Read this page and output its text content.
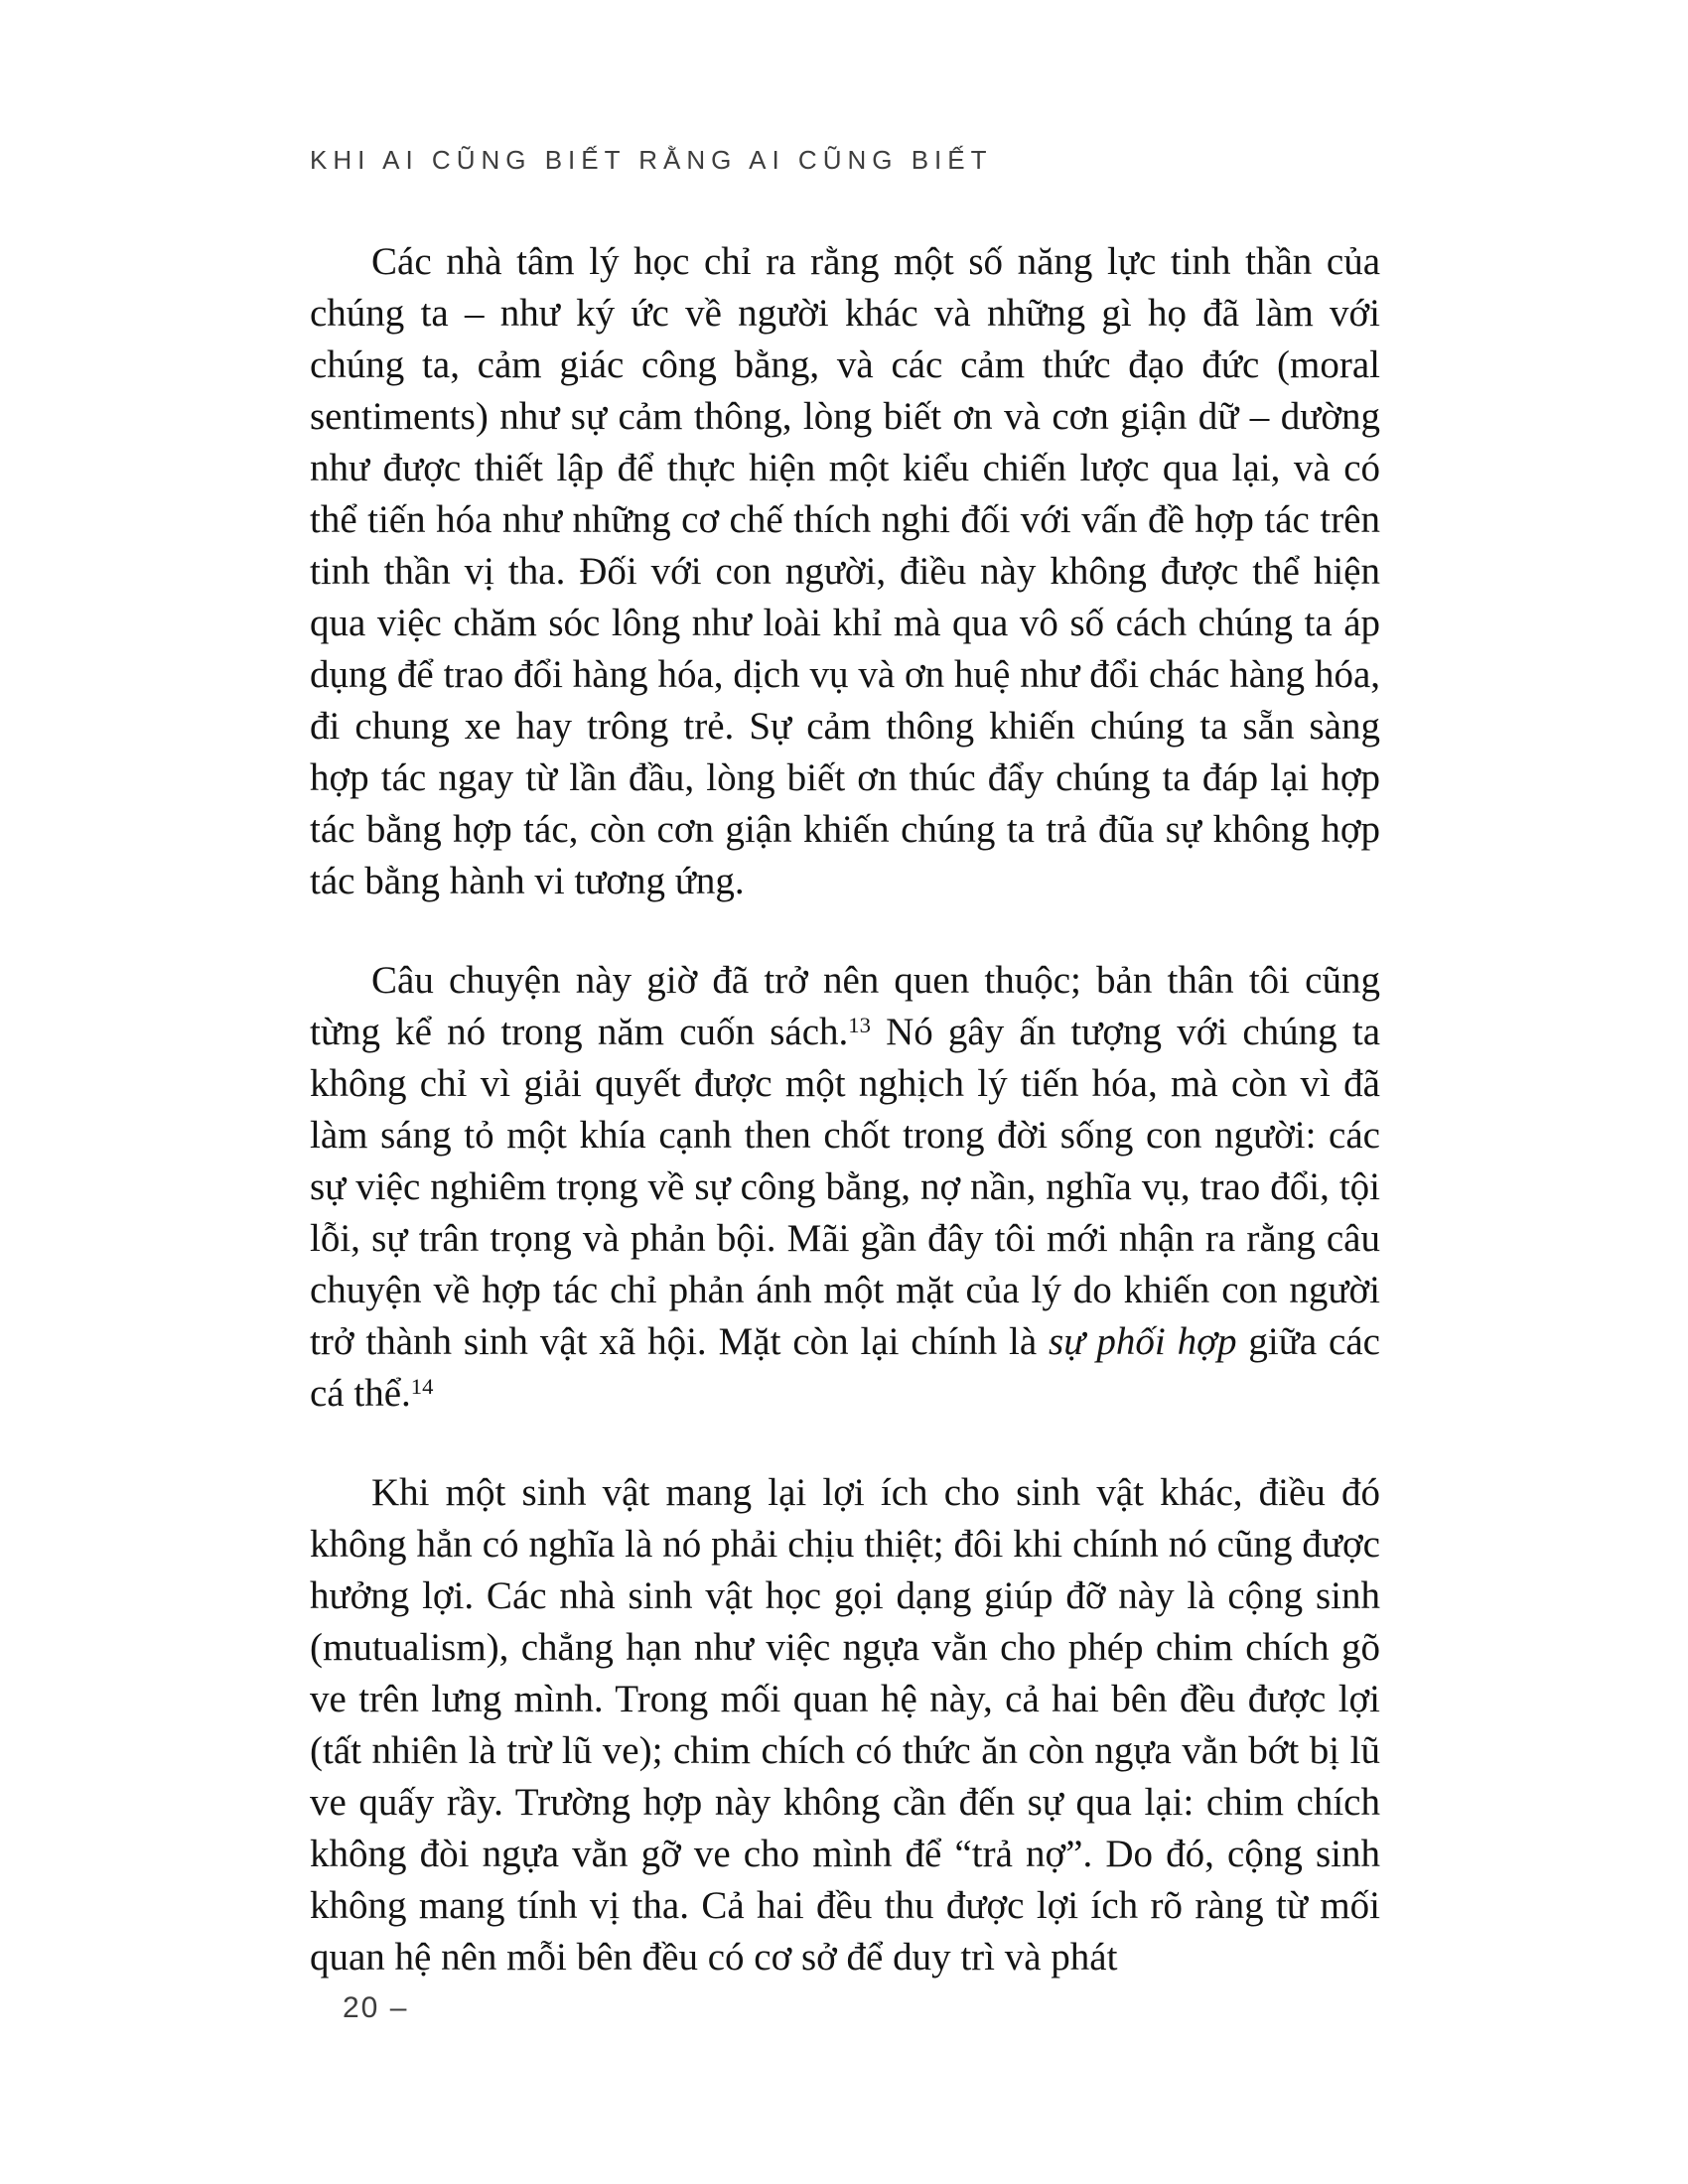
KHI AI CŨNG BIẾT RẰNG AI CŨNG BIẾT

Các nhà tâm lý học chỉ ra rằng một số năng lực tinh thần của chúng ta – như ký ức về người khác và những gì họ đã làm với chúng ta, cảm giác công bằng, và các cảm thức đạo đức (moral sentiments) như sự cảm thông, lòng biết ơn và cơn giận dữ – dường như được thiết lập để thực hiện một kiểu chiến lược qua lại, và có thể tiến hóa như những cơ chế thích nghi đối với vấn đề hợp tác trên tinh thần vị tha. Đối với con người, điều này không được thể hiện qua việc chăm sóc lông như loài khỉ mà qua vô số cách chúng ta áp dụng để trao đổi hàng hóa, dịch vụ và ơn huệ như đổi chác hàng hóa, đi chung xe hay trông trẻ. Sự cảm thông khiến chúng ta sẵn sàng hợp tác ngay từ lần đầu, lòng biết ơn thúc đẩy chúng ta đáp lại hợp tác bằng hợp tác, còn cơn giận khiến chúng ta trả đũa sự không hợp tác bằng hành vi tương ứng.

Câu chuyện này giờ đã trở nên quen thuộc; bản thân tôi cũng từng kể nó trong năm cuốn sách.$^{13}$ Nó gây ấn tượng với chúng ta không chỉ vì giải quyết được một nghịch lý tiến hóa, mà còn vì đã làm sáng tỏ một khía cạnh then chốt trong đời sống con người: các sự việc nghiêm trọng về sự công bằng, nợ nần, nghĩa vụ, trao đổi, tội lỗi, sự trân trọng và phản bội. Mãi gần đây tôi mới nhận ra rằng câu chuyện về hợp tác chỉ phản ánh một mặt của lý do khiến con người trở thành sinh vật xã hội. Mặt còn lại chính là sự phối hợp giữa các cá thể.$^{14}$

Khi một sinh vật mang lại lợi ích cho sinh vật khác, điều đó không hẳn có nghĩa là nó phải chịu thiệt; đôi khi chính nó cũng được hưởng lợi. Các nhà sinh vật học gọi dạng giúp đỡ này là cộng sinh (mutualism), chẳng hạn như việc ngựa vằn cho phép chim chích gõ ve trên lưng mình. Trong mối quan hệ này, cả hai bên đều được lợi (tất nhiên là trừ lũ ve); chim chích có thức ăn còn ngựa vằn bớt bị lũ ve quấy rầy. Trường hợp này không cần đến sự qua lại: chim chích không đòi ngựa vằn gỡ ve cho mình để “trả nợ”. Do đó, cộng sinh không mang tính vị tha. Cả hai đều thu được lợi ích rõ ràng từ mối quan hệ nên mỗi bên đều có cơ sở để duy trì và phát

20 –
